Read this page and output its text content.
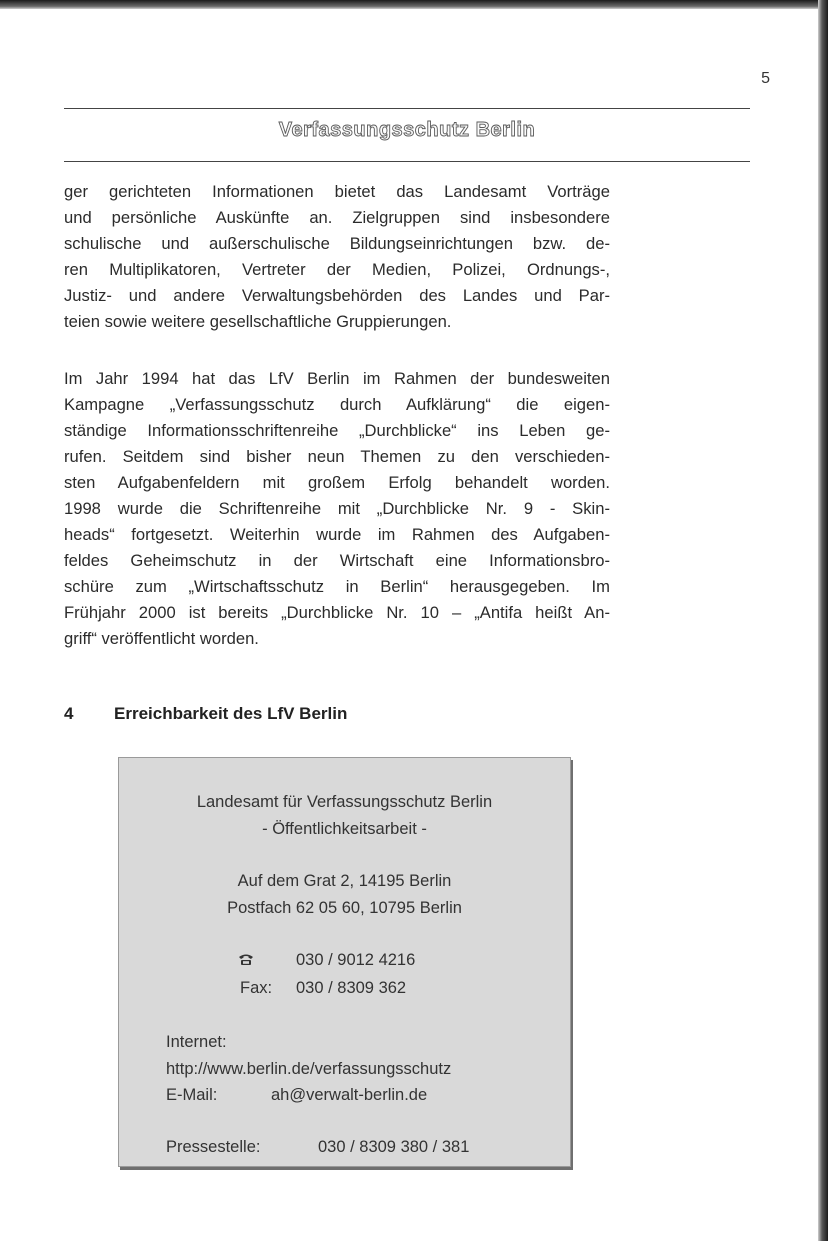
5
Verfassungsschutz Berlin
ger gerichteten Informationen bietet das Landesamt Vorträge
und persönliche Auskünfte an. Zielgruppen sind insbesondere
schulische und außerschulische Bildungseinrichtungen bzw. de-
ren Multiplikatoren, Vertreter der Medien, Polizei, Ordnungs-,
Justiz- und andere Verwaltungsbehörden des Landes und Par-
teien sowie weitere gesellschaftliche Gruppierungen.
Im Jahr 1994 hat das LfV Berlin im Rahmen der bundesweiten
Kampagne „Verfassungsschutz durch Aufklärung“ die eigen-
ständige Informationsschriftenreihe „Durchblicke“ ins Leben ge-
rufen. Seitdem sind bisher neun Themen zu den verschieden-
sten Aufgabenfeldern mit großem Erfolg behandelt worden.
1998 wurde die Schriftenreihe mit „Durchblicke Nr. 9 - Skin-
heads“ fortgesetzt. Weiterhin wurde im Rahmen des Aufgaben-
feldes Geheimschutz in der Wirtschaft eine Informationsbro-
schüre zum „Wirtschaftsschutz in Berlin“ herausgegeben. Im
Frühjahr 2000 ist bereits „Durchblicke Nr. 10 – „Antifa heißt An-
griff“ veröffentlicht worden.
4 Erreichbarkeit des LfV Berlin
Landesamt für Verfassungsschutz Berlin
- Öffentlichkeitsarbeit -
Auf dem Grat 2, 14195 Berlin
Postfach 62 05 60, 10795 Berlin
030 / 9012 4216
Fax: 030 / 8309 362
Internet:
http://www.berlin.de/verfassungsschutz
E-Mail:	ah@verwalt-berlin.de
Pressestelle:	030 / 8309 380 / 381
